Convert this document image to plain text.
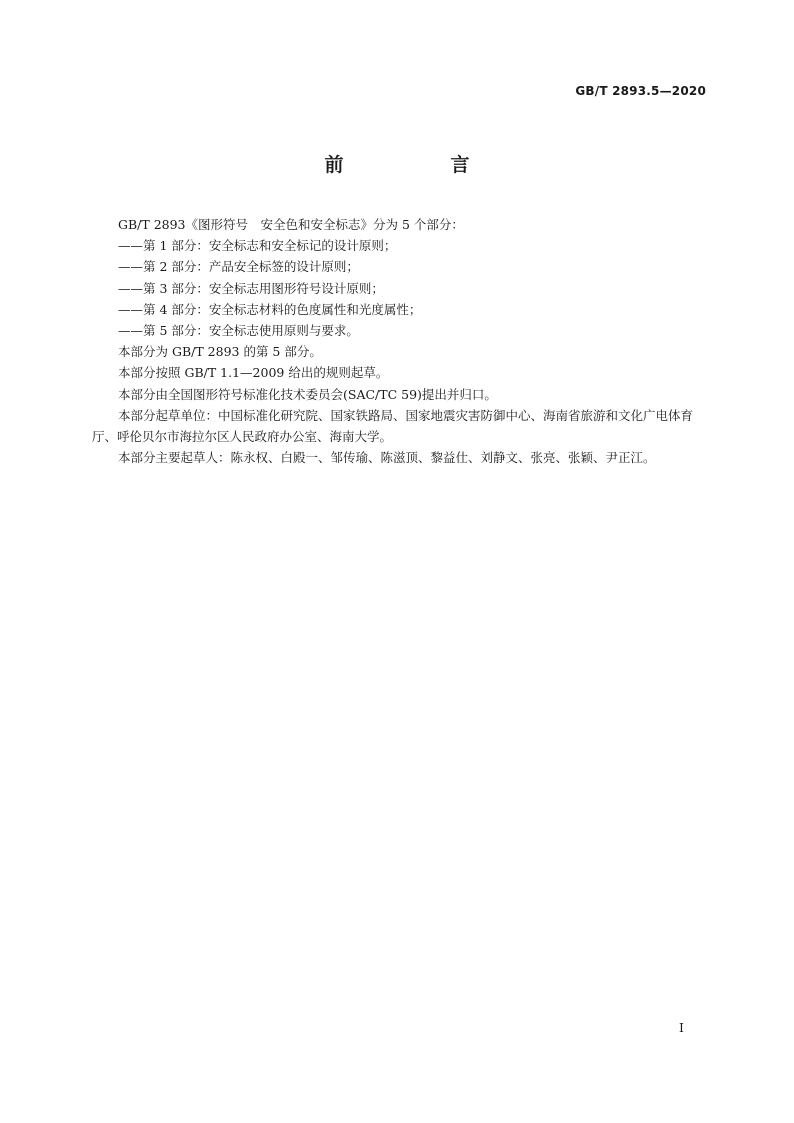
GB/T 2893.5—2020
前　言

GB/T 2893《图形符号　安全色和安全标志》分为 5 个部分：

——第 1 部分：安全标志和安全标记的设计原则；

——第 2 部分：产品安全标签的设计原则；

——第 3 部分：安全标志用图形符号设计原则；

——第 4 部分：安全标志材料的色度属性和光度属性；

——第 5 部分：安全标志使用原则与要求。

本部分为 GB/T 2893 的第 5 部分。

本部分按照 GB/T 1.1—2009 给出的规则起草。

本部分由全国图形符号标准化技术委员会(SAC/TC 59)提出并归口。

本部分起草单位：中国标准化研究院、国家铁路局、国家地震灾害防御中心、海南省旅游和文化广电体育厅、呼伦贝尔市海拉尔区人民政府办公室、海南大学。

本部分主要起草人：陈永权、白殿一、邹传瑜、陈滋顶、黎益仕、刘静文、张亮、张颖、尹正江。

I
